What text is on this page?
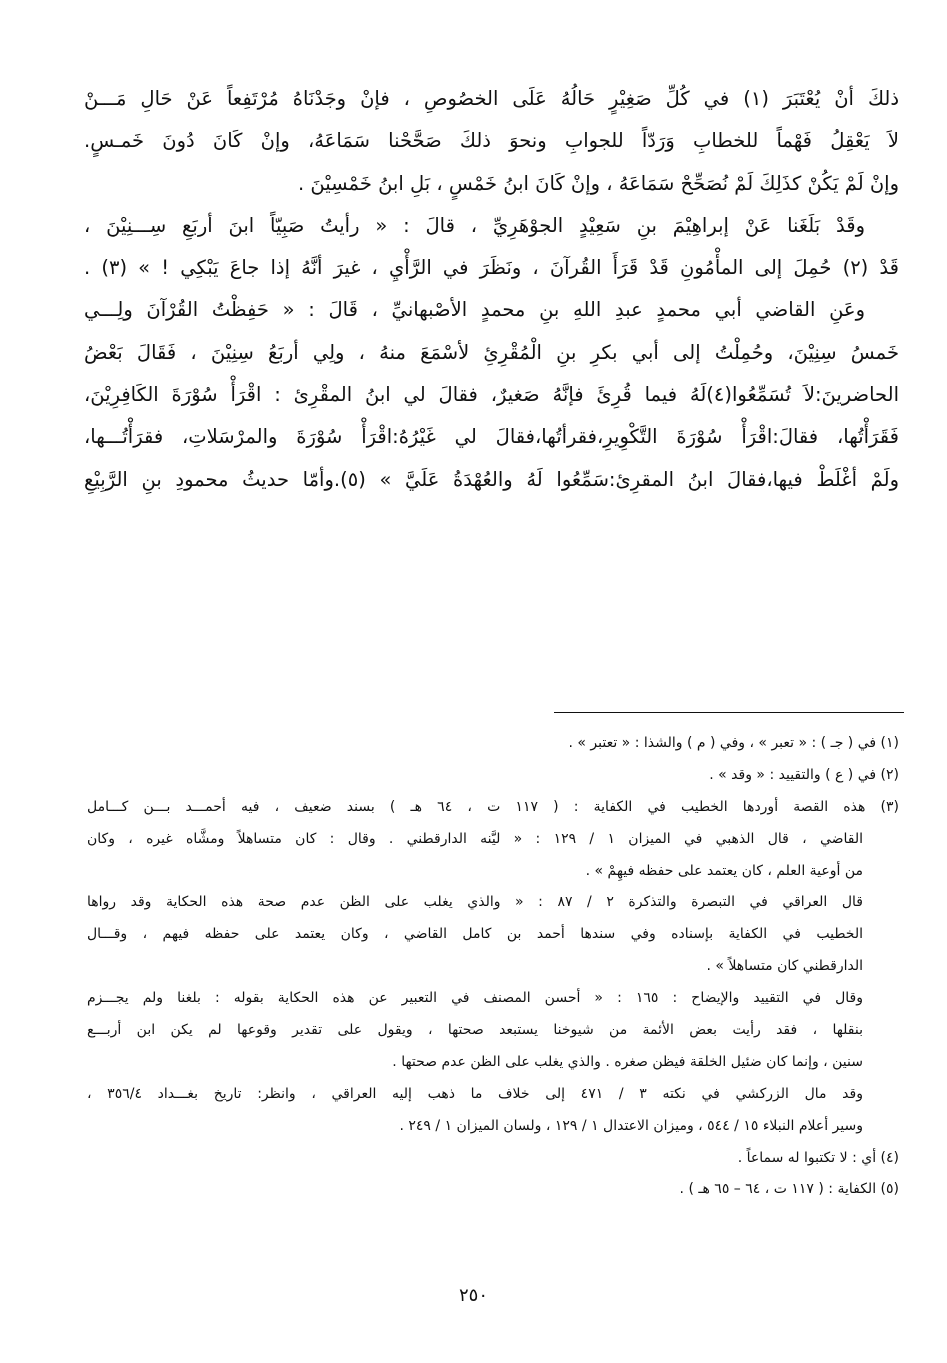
ذلكَ أنْ يُعْتَبَرَ (١) في كُلِّ صَغِيْرٍ حَالُهُ عَلَى الخصُوصِ ، فإنْ وجَدْنَاهُ مُرْتَفِعاً عَنْ حَالِ مَـــنْ
لاَ يَعْقِلُ فَهْماً للخطابِ وَرَدّاً للجوابِ ونحوَ ذلكَ صَحَّحْنا سَمَاعَهُ، وإنْ كَانَ دُونَ خَمـسٍ.
وإنْ لَمْ يَكُنْ كذَلِكَ لَمْ نُصَحِّحْ سَمَاعَهُ ، وإنْ كَانَ ابنُ خَمْسٍ ، بَلِ ابنُ خَمْسِيْنَ .
وقَدْ بَلَغَنا عَنْ إبراهِيْمَ بنِ سَعِيْدٍ الجوْهَرِيِّ ، قالَ : « رأيتُ صَبِيّاً ابنَ أربَعِ سِـــنِيْنَ ،
قَدْ (٢) حُمِلَ إلى المأْمُونِ قَدْ قَرَأَ القُرآنَ ، ونَظَرَ في الرَّأْيِ ، غيرَ أنَّهُ إذا جاعَ يَبْكِي ! » (٣) .
وعَنِ القاضي أبي محمدٍ عبدِ اللهِ بنِ محمدٍ الأصْبهانيِّ ، قَالَ : « حَفِظْتُ القُرْآنَ ولِـــي
خَمسُ سِنِيْنَ، وحُمِلْتُ إلى أبي بكرِ بنِ الْمُقْرِئِ لأسْمَعَ منهُ ، ولِي أربَعُ سِنِيْنَ ، فَقَالَ بَعْضُ
الحاضرينَ:لاَ تُسَمِّعُوا(٤)لَهُ فيما قُرِئَ فإنَّهُ صَغيرٌ، فقالَ لي ابنُ المقْرِئ : اقْرَأْ سُوْرَةَ الكَافِرِيْنَ،
فَقَرَأْتُها، فقالَ:اقْرَأْ سُوْرَةَ التَّكْوِيرِ،فقرأتُها،فقالَ لي غَيْرُهُ:اقْرَأْ سُوْرَةَ والمرْسَلاتِ، فقرَأْتُـــها،
ولَمْ أغْلَطْ فيها،فقالَ ابنُ المقرِئ:سَمِّعُوا لَهُ والعُهْدَةُ عَلَيَّ » (٥).وأمّا حديثُ محمودِ بنِ الرَّبِيْعِ
(١) في ( جـ ) : « تعبر » ، وفي ( م ) والشذا : « تعتبر » .
(٢) في ( ع ) والتقييد : « وقد » .
(٣) هذه القصة أوردها الخطيب في الكفاية : ( ١١٧ ت ، ٦٤ هـ ) بسند ضعيف ، فيه أحمـــد بـــن كـــامل
القاضي ، قال الذهبي في الميزان ١ / ١٢٩ : « ليَّنه الدارقطني . وقال : كان متساهلاً ومشَّاه غيره ، وكان
من أوعية العلم ، كان يعتمد على حفظه فيهِمْ » .
قال العراقي في التبصرة والتذكرة ٢ / ٨٧ : « والذي يغلب على الظن عدم صحة هذه الحكاية وقد رواها
الخطيب في الكفاية بإسناده وفي سندها أحمد بن كامل القاضي ، وكان يعتمد على حفظه فيهم ، وقـــال
الدارقطني كان متساهلاً » .
وقال في التقييد والإيضاح : ١٦٥ : « أحسن المصنف في التعبير عن هذه الحكاية بقوله : بلغنا ولم يجـــزم
بنقلها ، فقد رأيت بعض الأئمة من شيوخنا يستبعد صحتها ، ويقول على تقدير وقوعها لم يكن ابن أربـــع
سنين ، وإنما كان ضئيل الخلقة فيظن صغره . والذي يغلب على الظن عدم صحتها .
وقد مال الزركشي في نكته ٣ / ٤٧١ إلى خلاف ما ذهب إليه العراقي ، وانظر: تاريخ بغـــداد ٣٥٦/٤ ،
وسير أعلام النبلاء ١٥ / ٥٤٤ ، وميزان الاعتدال ١ / ١٢٩ ، ولسان الميزان ١ / ٢٤٩ .
(٤) أي : لا تكتبوا له سماعاً .
(٥) الكفاية : ( ١١٧ ت ، ٦٤ – ٦٥ هـ ) .
٢٥٠
